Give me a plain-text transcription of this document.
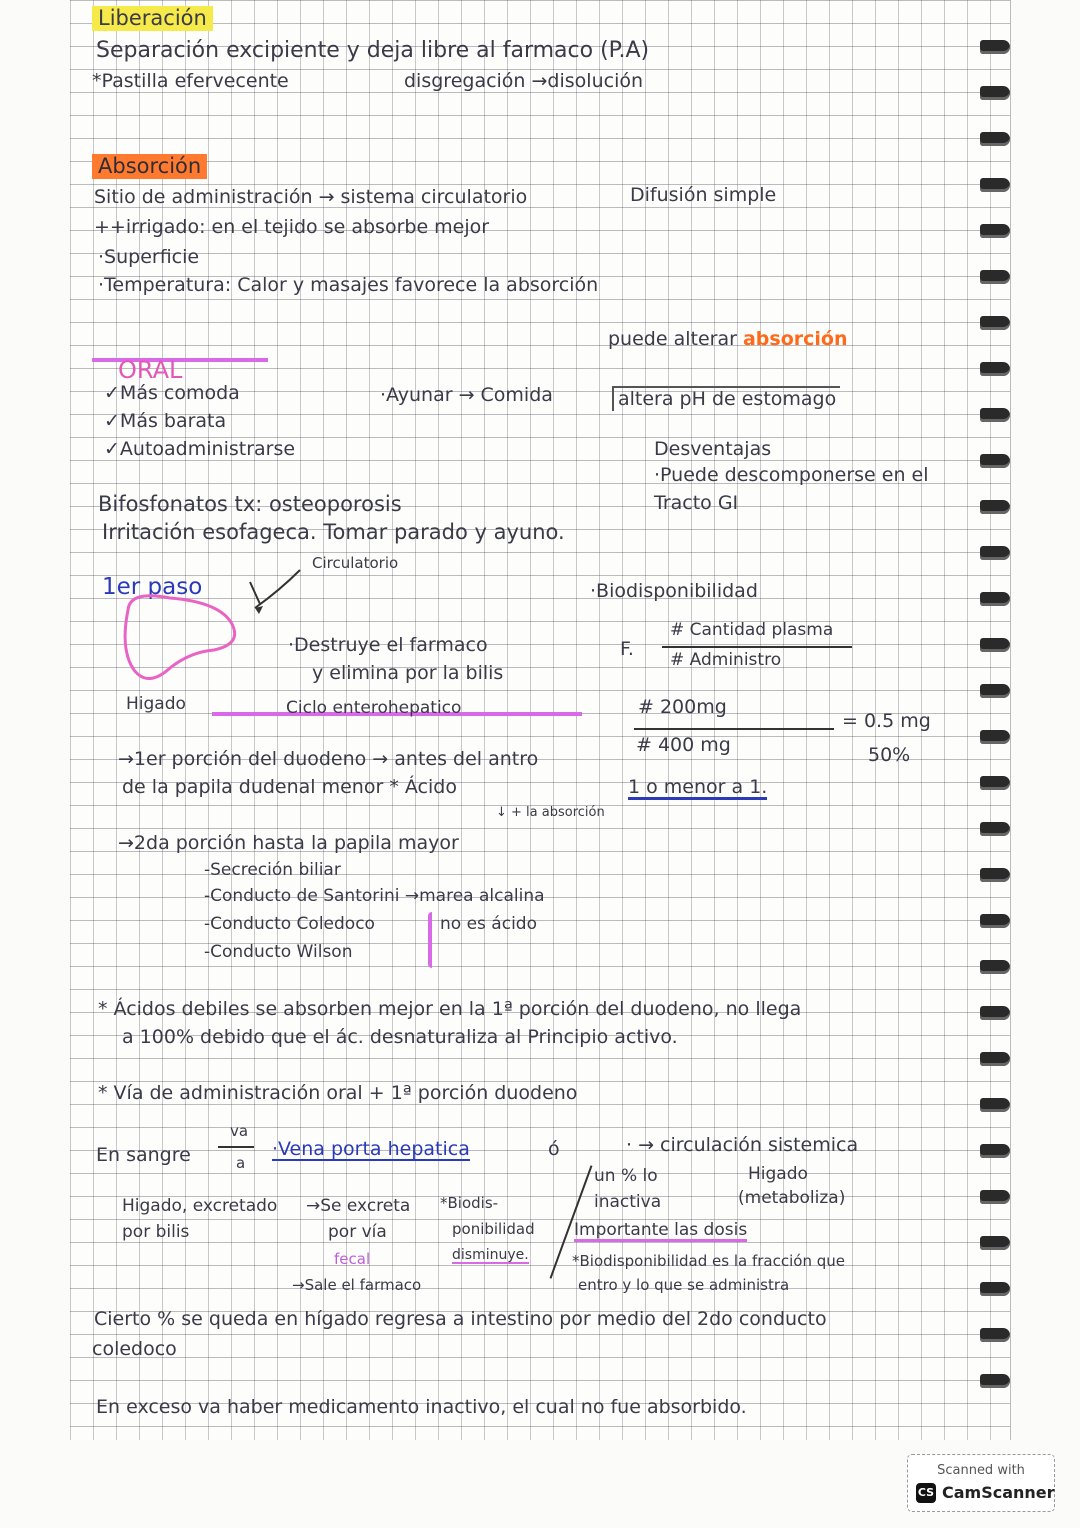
Liberación
Separación excipiente y deja libre al farmaco (P.A)
*Pastilla efervecente	disgregación →disolución
Absorción
Sitio de administración → sistema circulatorio	Difusión simple
++irrigado: en el tejido se absorbe mejor
·Superficie
·Temperatura: Calor y masajes favorece la absorción
puede alterar absorción
ORAL
✓Más comoda
✓Más barata
✓Autoadministrarse
·Ayunar → Comida	altera pH de estomago
Desventajas
·Puede descomponerse en el
Tracto GI
Bifosfonatos tx: osteoporosis
Irritación esofageca. Tomar parado y ayuno.
Circulatorio
1er paso
·Destruye el farmaco
y elimina por la bilis
Higado	Ciclo enterohepatico
·Biodisponibilidad
F.
# Cantidad plasma
# Administro
# 200mg
# 400 mg
= 0.5 mg
50%
1 o menor a 1.
→1er porción del duodeno → antes del antro
de la papila dudenal menor * Ácido
↓ + la absorción
→2da porción hasta la papila mayor
-Secreción biliar
-Conducto de Santorini →marea alcalina
-Conducto Coledoco	no es ácido
-Conducto Wilson
* Ácidos debiles se absorben mejor en la 1ª porción del duodeno, no llega
a 100% debido que el ác. desnaturaliza al Principio activo.
* Vía de administración oral + 1ª porción duodeno
En sangre
va
a
·Vena porta hepatica	ó	· → circulación sistemica
un % lo
inactiva
Higado
(metaboliza)
Importante las dosis
*Biodisponibilidad es la fracción que
entro y lo que se administra
Higado, excretado
por bilis
→Se excreta
por vía
fecal
→Sale el farmaco
*Biodis-
ponibilidad
disminuye.
Cierto % se queda en hígado regresa a intestino por medio del 2do conducto
coledoco
En exceso va haber medicamento inactivo, el cual no fue absorbido.
Scanned with
CS CamScanner
